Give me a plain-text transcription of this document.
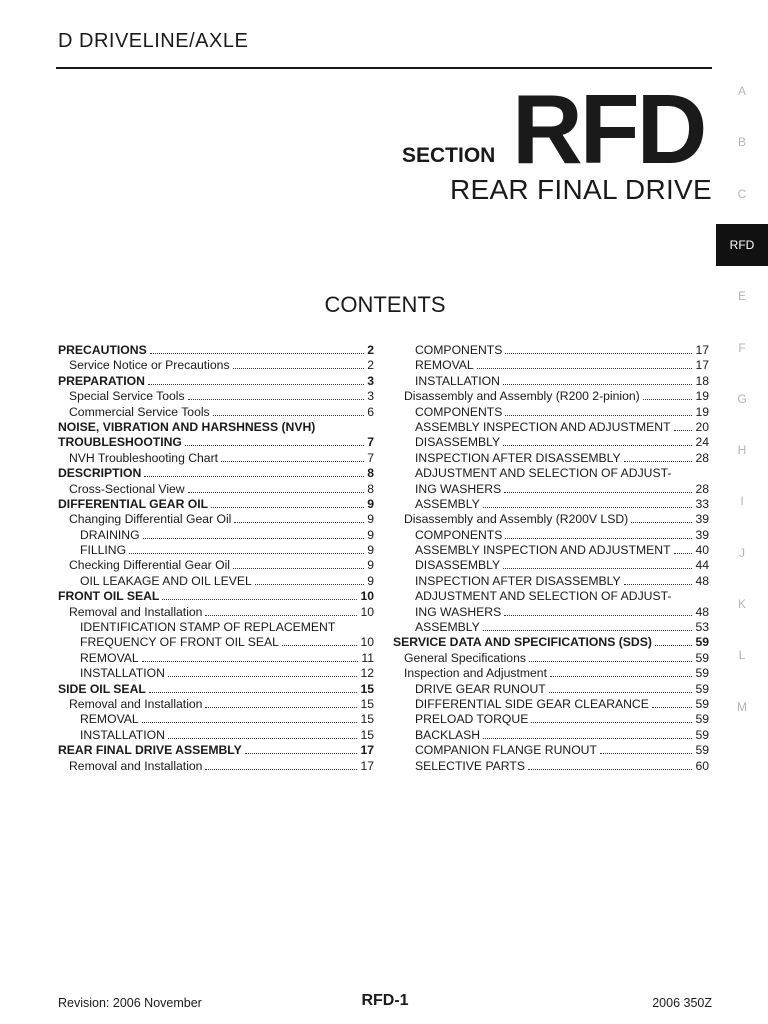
D DRIVELINE/AXLE
SECTION RFD
REAR FINAL DRIVE
CONTENTS
PRECAUTIONS	2
Service Notice or Precautions	2
PREPARATION	3
Special Service Tools	3
Commercial Service Tools	6
NOISE, VIBRATION AND HARSHNESS (NVH)
TROUBLESHOOTING	7
NVH Troubleshooting Chart	7
DESCRIPTION	8
Cross-Sectional View	8
DIFFERENTIAL GEAR OIL	9
Changing Differential Gear Oil	9
DRAINING	9
FILLING	9
Checking Differential Gear Oil	9
OIL LEAKAGE AND OIL LEVEL	9
FRONT OIL SEAL	10
Removal and Installation	10
IDENTIFICATION STAMP OF REPLACEMENT
FREQUENCY OF FRONT OIL SEAL	10
REMOVAL	11
INSTALLATION	12
SIDE OIL SEAL	15
Removal and Installation	15
REMOVAL	15
INSTALLATION	15
REAR FINAL DRIVE ASSEMBLY	17
Removal and Installation	17
COMPONENTS	17
REMOVAL	17
INSTALLATION	18
Disassembly and Assembly (R200 2-pinion)	19
COMPONENTS	19
ASSEMBLY INSPECTION AND ADJUSTMENT 20
DISASSEMBLY	24
INSPECTION AFTER DISASSEMBLY	28
ADJUSTMENT AND SELECTION OF ADJUST-
ING WASHERS	28
ASSEMBLY	33
Disassembly and Assembly (R200V LSD)	39
COMPONENTS	39
ASSEMBLY INSPECTION AND ADJUSTMENT 40
DISASSEMBLY	44
INSPECTION AFTER DISASSEMBLY	48
ADJUSTMENT AND SELECTION OF ADJUST-
ING WASHERS	48
ASSEMBLY	53
SERVICE DATA AND SPECIFICATIONS (SDS)	59
General Specifications	59
Inspection and Adjustment	59
DRIVE GEAR RUNOUT	59
DIFFERENTIAL SIDE GEAR CLEARANCE	59
PRELOAD TORQUE	59
BACKLASH	59
COMPANION FLANGE RUNOUT	59
SELECTIVE PARTS	60
A
B
C
RFD
E
F
G
H
I
J
K
L
M
Revision: 2006 November	RFD-1	2006 350Z
